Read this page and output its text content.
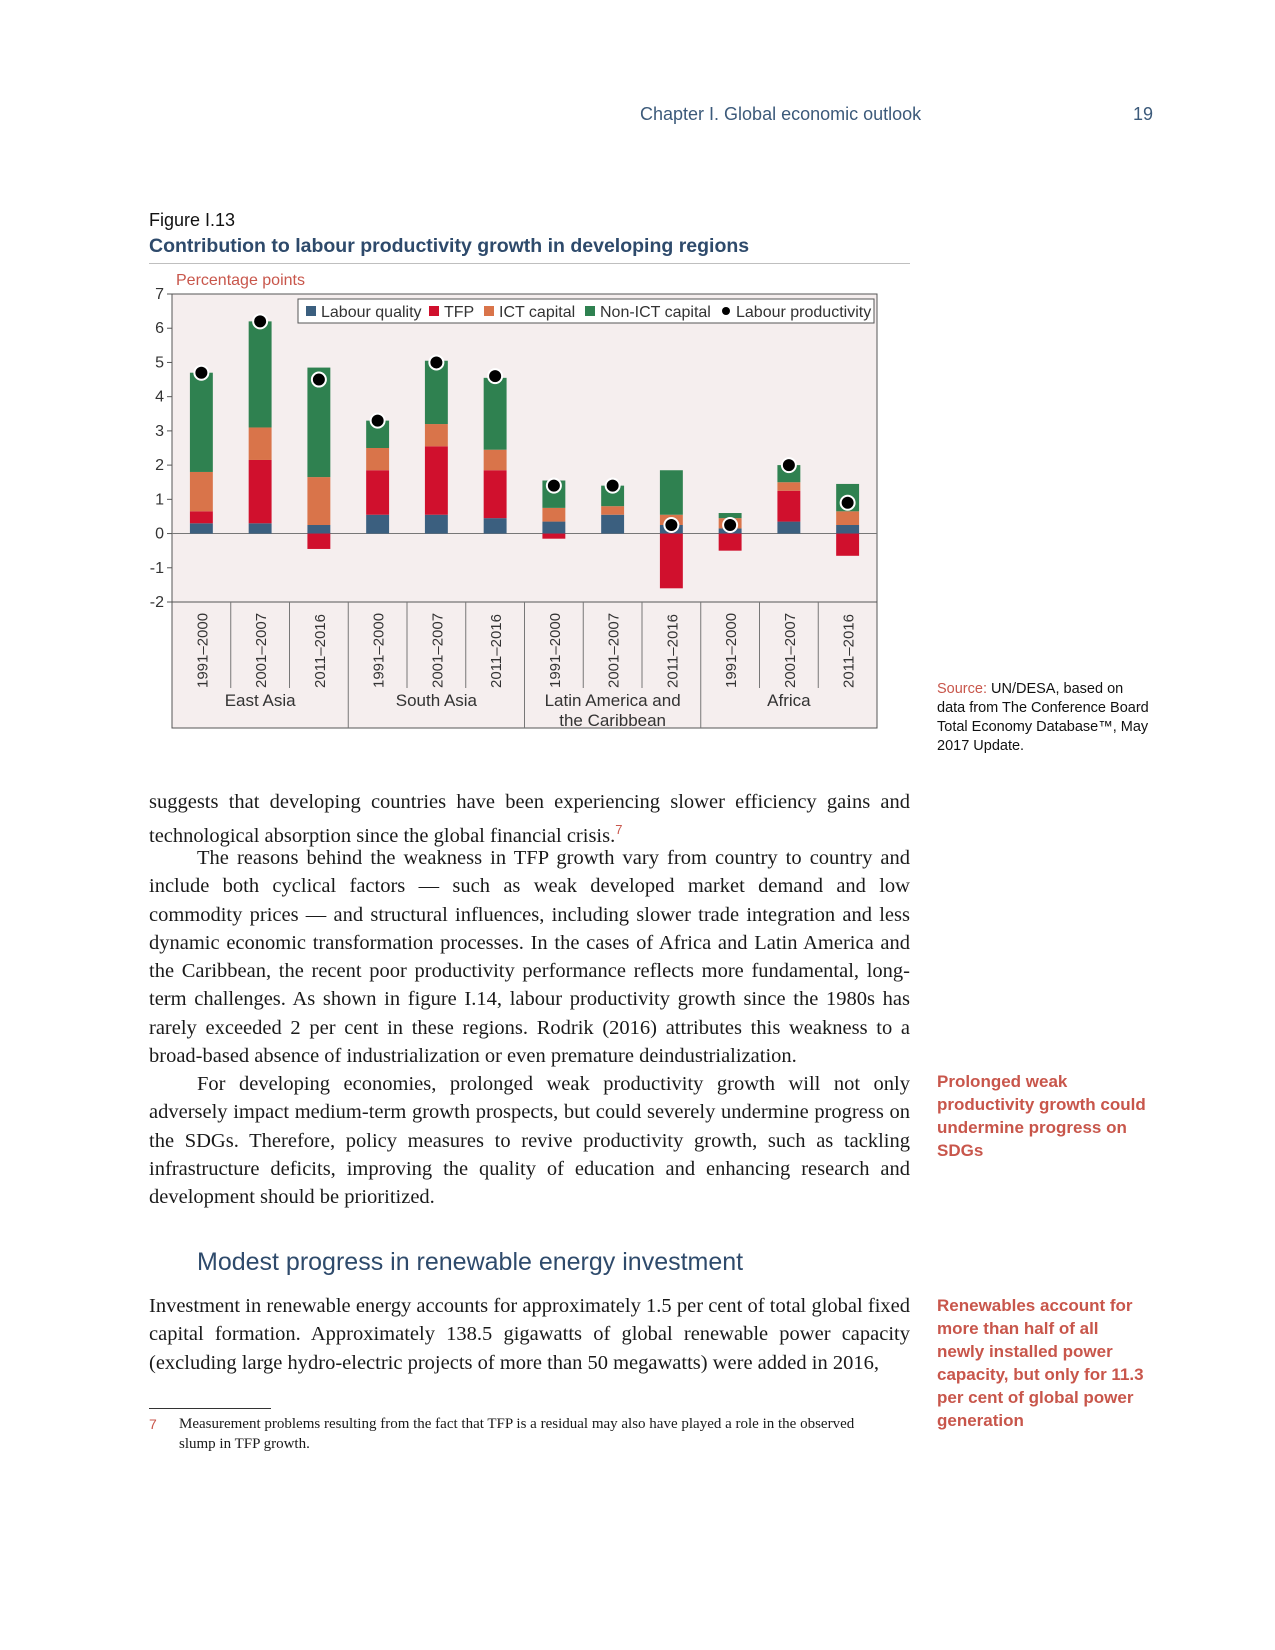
Chapter I. Global economic outlook	19
Figure I.13
Contribution to labour productivity growth in developing regions
Percentage points
7
6
5
4
3
2
1
0
-1
-2
Labour quality TFP ICT capital Non-ICT capital Labour productivity
1991–2000	2001–2007	2011–2016	1991–2000	2001–2007	2011–2016	1991–2000	2001–2007	2011–2016	1991–2000	2001–2007	2011–2016
East Asia	South Asia	Latin America and
the Caribbean
Africa
Source: UN/DESA, based on data from The Conference Board Total Economy Database™, May 2017 Update.

suggests that developing countries have been experiencing slower efficiency gains and technological absorption since the global financial crisis.$^7$

The reasons behind the weakness in TFP growth vary from country to country and include both cyclical factors — such as weak developed market demand and low commodity prices — and structural influences, including slower trade integration and less dynamic economic transformation processes. In the cases of Africa and Latin America and the Caribbean, the recent poor productivity performance reflects more fundamental, long-term challenges. As shown in figure I.14, labour productivity growth since the 1980s has rarely exceeded 2 per cent in these regions. Rodrik (2016) attributes this weakness to a broad-based absence of industrialization or even premature deindustrialization.

For developing economies, prolonged weak productivity growth will not only adversely impact medium-term growth prospects, but could severely undermine progress on the SDGs. Therefore, policy measures to revive productivity growth, such as tackling infrastructure deficits, improving the quality of education and enhancing research and development should be prioritized.

Prolonged weak productivity growth could undermine progress on SDGs
Modest progress in renewable energy investment

Investment in renewable energy accounts for approximately 1.5 per cent of total global fixed capital formation. Approximately 138.5 gigawatts of global renewable power capacity (excluding large hydro-electric projects of more than 50 megawatts) were added in 2016,

Renewables account for more than half of all newly installed power capacity, but only for 11.3 per cent of global power generation
7 Measurement problems resulting from the fact that TFP is a residual may also have played a role in the observed slump in TFP growth.
